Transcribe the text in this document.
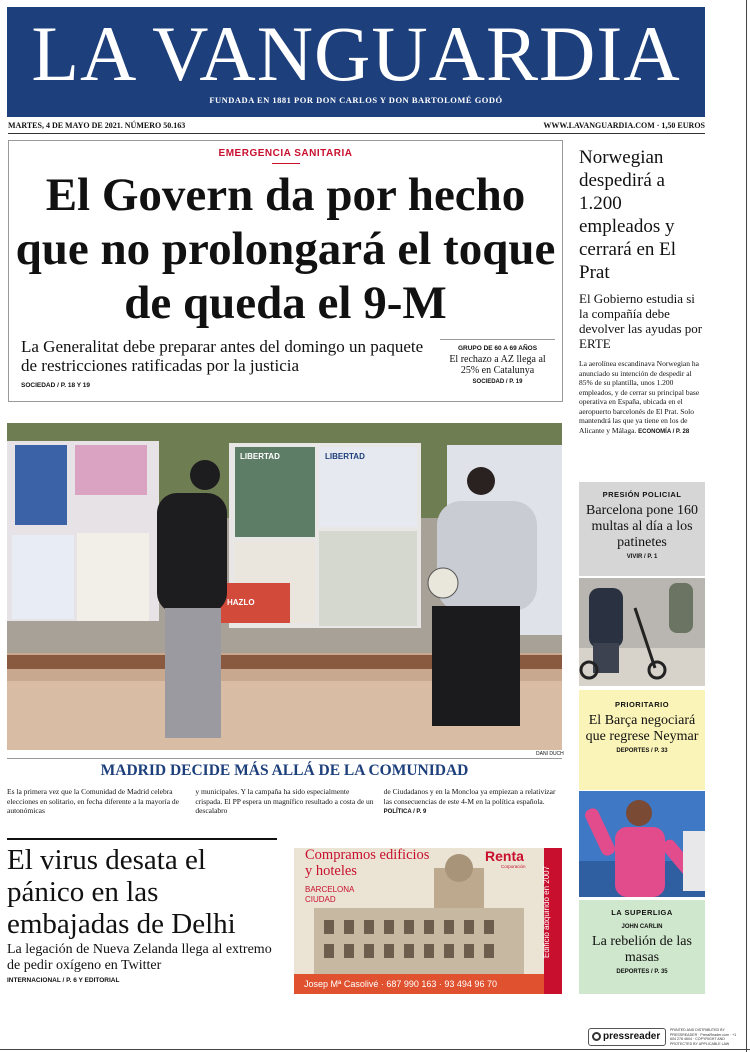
LA VANGUARDIA
FUNDADA EN 1881 POR DON CARLOS Y DON BARTOLOMÉ GODÓ
MARTES, 4 DE MAYO DE 2021. NÚMERO 50.163	WWW.LAVANGUARDIA.COM · 1,50 EUROS
EMERGENCIA SANITARIA
El Govern da por hecho que no prolongará el toque de queda el 9-M
La Generalitat debe preparar antes del domingo un paquete de restricciones ratificadas por la justicia
SOCIEDAD / P. 18 Y 19
GRUPO DE 60 A 69 AÑOS
El rechazo a AZ llega al 25% en Catalunya
SOCIEDAD / P. 19
Norwegian despedirá a 1.200 empleados y cerrará en El Prat
El Gobierno estudia si la compañía debe devolver las ayudas por ERTE
La aerolínea escandinava Norwegian ha anunciado su intención de despedir al 85% de su plantilla, unos 1.200 empleados, y de cerrar su principal base operativa en España, ubicada en el aeropuerto barcelonés de El Prat. Solo mantendrá las que ya tiene en los de Alicante y Málaga. ECONOMÍA / P. 28
LIBERTAD	LIBERTAD
HAZLO
DANI DUCH
MADRID DECIDE MÁS ALLÁ DE LA COMUNIDAD

Es la primera vez que la Comunidad de Madrid celebra elecciones en solitario, en fecha diferente a la mayoría de autonómicas

y municipales. Y la campaña ha sido especialmente crispada. El PP espera un magnífico resultado a costa de un descalabro

de Ciudadanos y en la Moncloa ya empiezan a relativizar las consecuencias de este 4-M en la política española. POLÍTICA / P. 9

El virus desata el pánico en las embajadas de Delhi
La legación de Nueva Zelanda llega al extremo de pedir oxígeno en Twitter
INTERNACIONAL / P. 6 Y EDITORIAL
Compramos edificios y hoteles
BARCELONA CIUDAD
Renta
Corporación Edificio adquirido en 2007
Josep Mª Casolivé · 687 990 163 · 93 494 96 70
PRESIÓN POLICIAL
Barcelona pone 160 multas al día a los patinetes
VIVIR / P. 1
PRIORITARIO
El Barça negociará que regrese Neymar
DEPORTES / P. 33
LA SUPERLIGA
JOHN CARLIN
La rebelión de las masas
DEPORTES / P. 35
pressreader
PRINTED AND DISTRIBUTED BY PRESSREADER · PressReader.com · +1 604 278 4604 · COPYRIGHT AND PROTECTED BY APPLICABLE LAW
